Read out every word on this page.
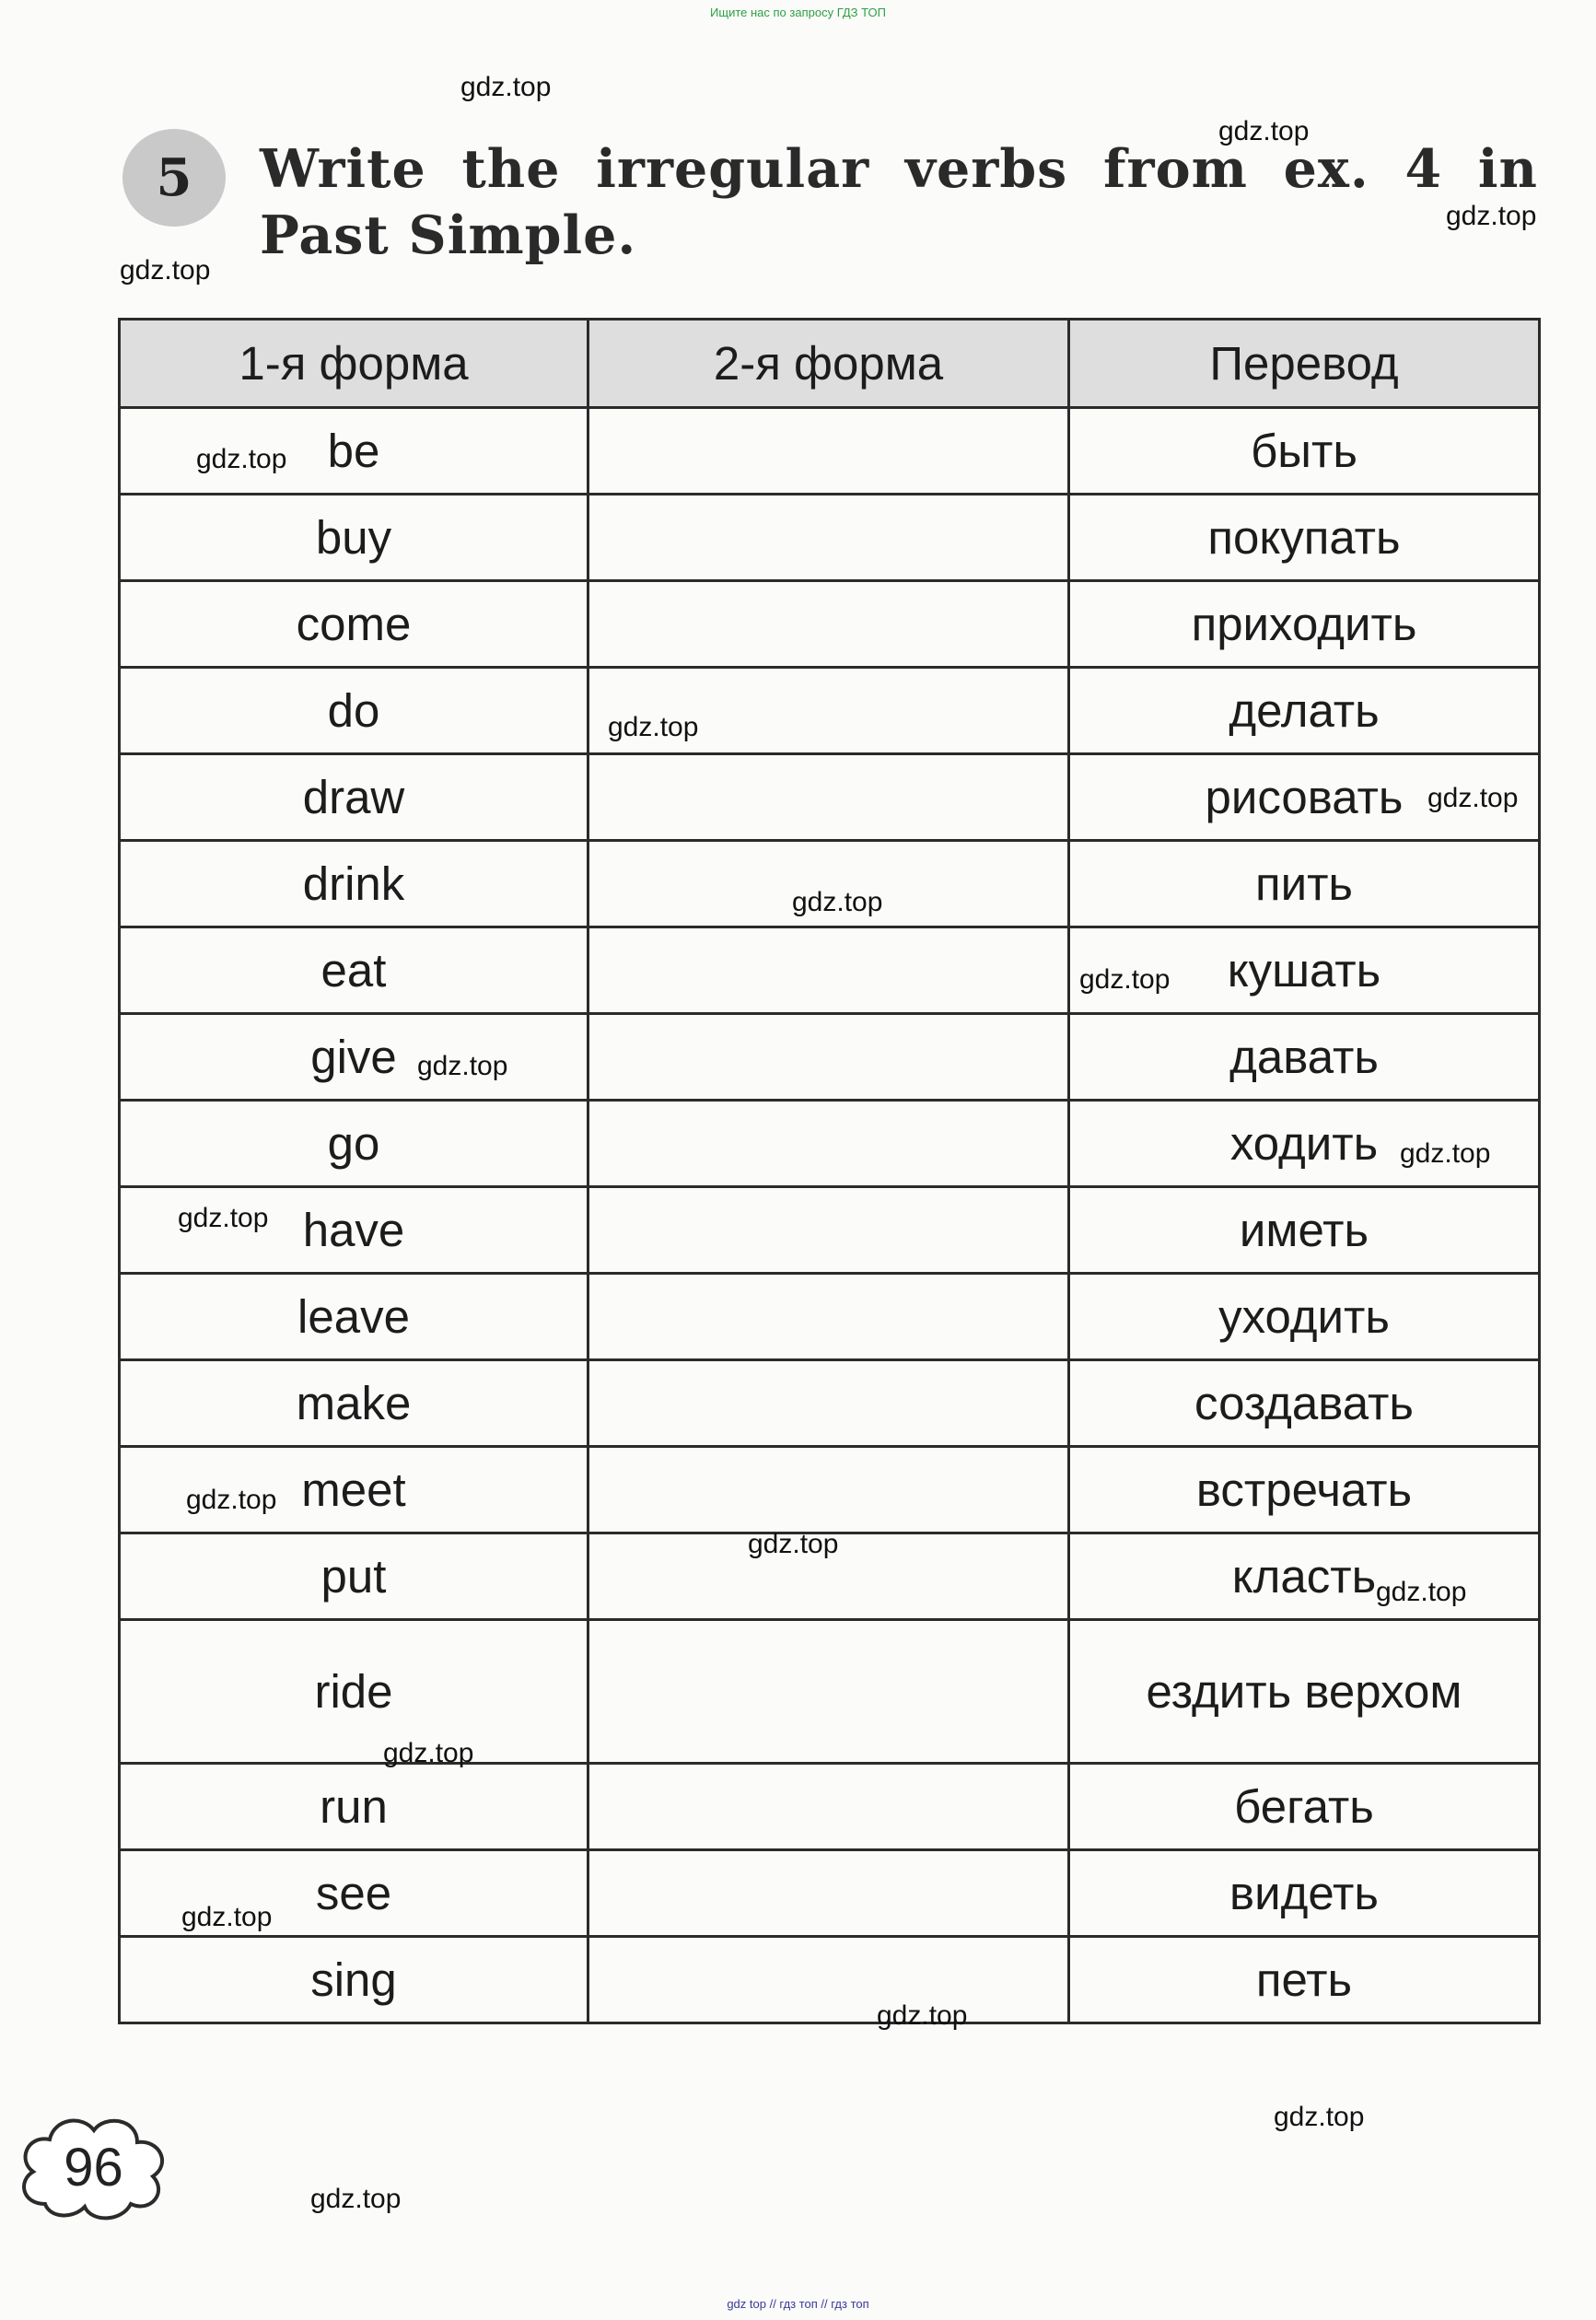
Ищите нас по запросу ГДЗ ТОП
5	Write the irregular verbs from ex. 4 in
Past Simple.
1-я форма	2-я форма	Перевод
be		быть
buy		покупать
come		приходить
do		делать
draw		рисовать
drink		пить
eat		кушать
give		давать
go		ходить
have		иметь
leave		уходить
make		создавать
meet		встречать
put		класть
ride		ездить верхом
run		бегать
see		видеть
sing		петь
gdz.top
gdz.top
gdz.top
gdz.top
gdz.top
gdz.top
gdz.top
gdz.top
gdz.top
gdz.top
gdz.top
gdz.top
gdz.top
gdz.top
gdz.top
gdz.top
gdz.top
gdz.top
gdz.top
gdz.top
96
gdz top // гдз топ // гдз топ
